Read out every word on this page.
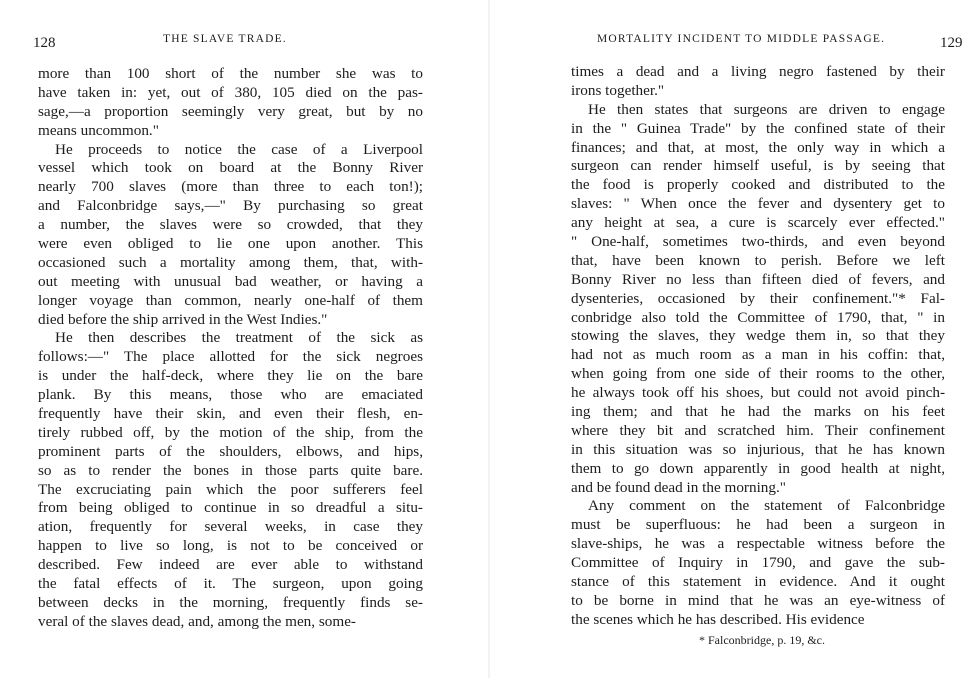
128	THE SLAVE TRADE.
more than 100 short of the number she was to
have taken in: yet, out of 380, 105 died on the pas-
sage,—a proportion seemingly very great, but by no
means uncommon."
He proceeds to notice the case of a Liverpool
vessel which took on board at the Bonny River
nearly 700 slaves (more than three to each ton!);
and Falconbridge says,—" By purchasing so great
a number, the slaves were so crowded, that they
were even obliged to lie one upon another. This
occasioned such a mortality among them, that, with-
out meeting with unusual bad weather, or having a
longer voyage than common, nearly one-half of them
died before the ship arrived in the West Indies."
He then describes the treatment of the sick as
follows:—" The place allotted for the sick negroes
is under the half-deck, where they lie on the bare
plank. By this means, those who are emaciated
frequently have their skin, and even their flesh, en-
tirely rubbed off, by the motion of the ship, from the
prominent parts of the shoulders, elbows, and hips,
so as to render the bones in those parts quite bare.
The excruciating pain which the poor sufferers feel
from being obliged to continue in so dreadful a situ-
ation, frequently for several weeks, in case they
happen to live so long, is not to be conceived or
described. Few indeed are ever able to withstand
the fatal effects of it. The surgeon, upon going
between decks in the morning, frequently finds se-
veral of the slaves dead, and, among the men, some-
MORTALITY INCIDENT TO MIDDLE PASSAGE.	129
times a dead and a living negro fastened by their
irons together."
He then states that surgeons are driven to engage
in the " Guinea Trade" by the confined state of their
finances; and that, at most, the only way in which a
surgeon can render himself useful, is by seeing that
the food is properly cooked and distributed to the
slaves: " When once the fever and dysentery get to
any height at sea, a cure is scarcely ever effected."
" One-half, sometimes two-thirds, and even beyond
that, have been known to perish. Before we left
Bonny River no less than fifteen died of fevers, and
dysenteries, occasioned by their confinement."* Fal-
conbridge also told the Committee of 1790, that, " in
stowing the slaves, they wedge them in, so that they
had not as much room as a man in his coffin: that,
when going from one side of their rooms to the other,
he always took off his shoes, but could not avoid pinch-
ing them; and that he had the marks on his feet
where they bit and scratched him. Their confinement
in this situation was so injurious, that he has known
them to go down apparently in good health at night,
and be found dead in the morning."
Any comment on the statement of Falconbridge
must be superfluous: he had been a surgeon in
slave-ships, he was a respectable witness before the
Committee of Inquiry in 1790, and gave the sub-
stance of this statement in evidence. And it ought
to be borne in mind that he was an eye-witness of
the scenes which he has described. His evidence
* Falconbridge, p. 19, &c.
